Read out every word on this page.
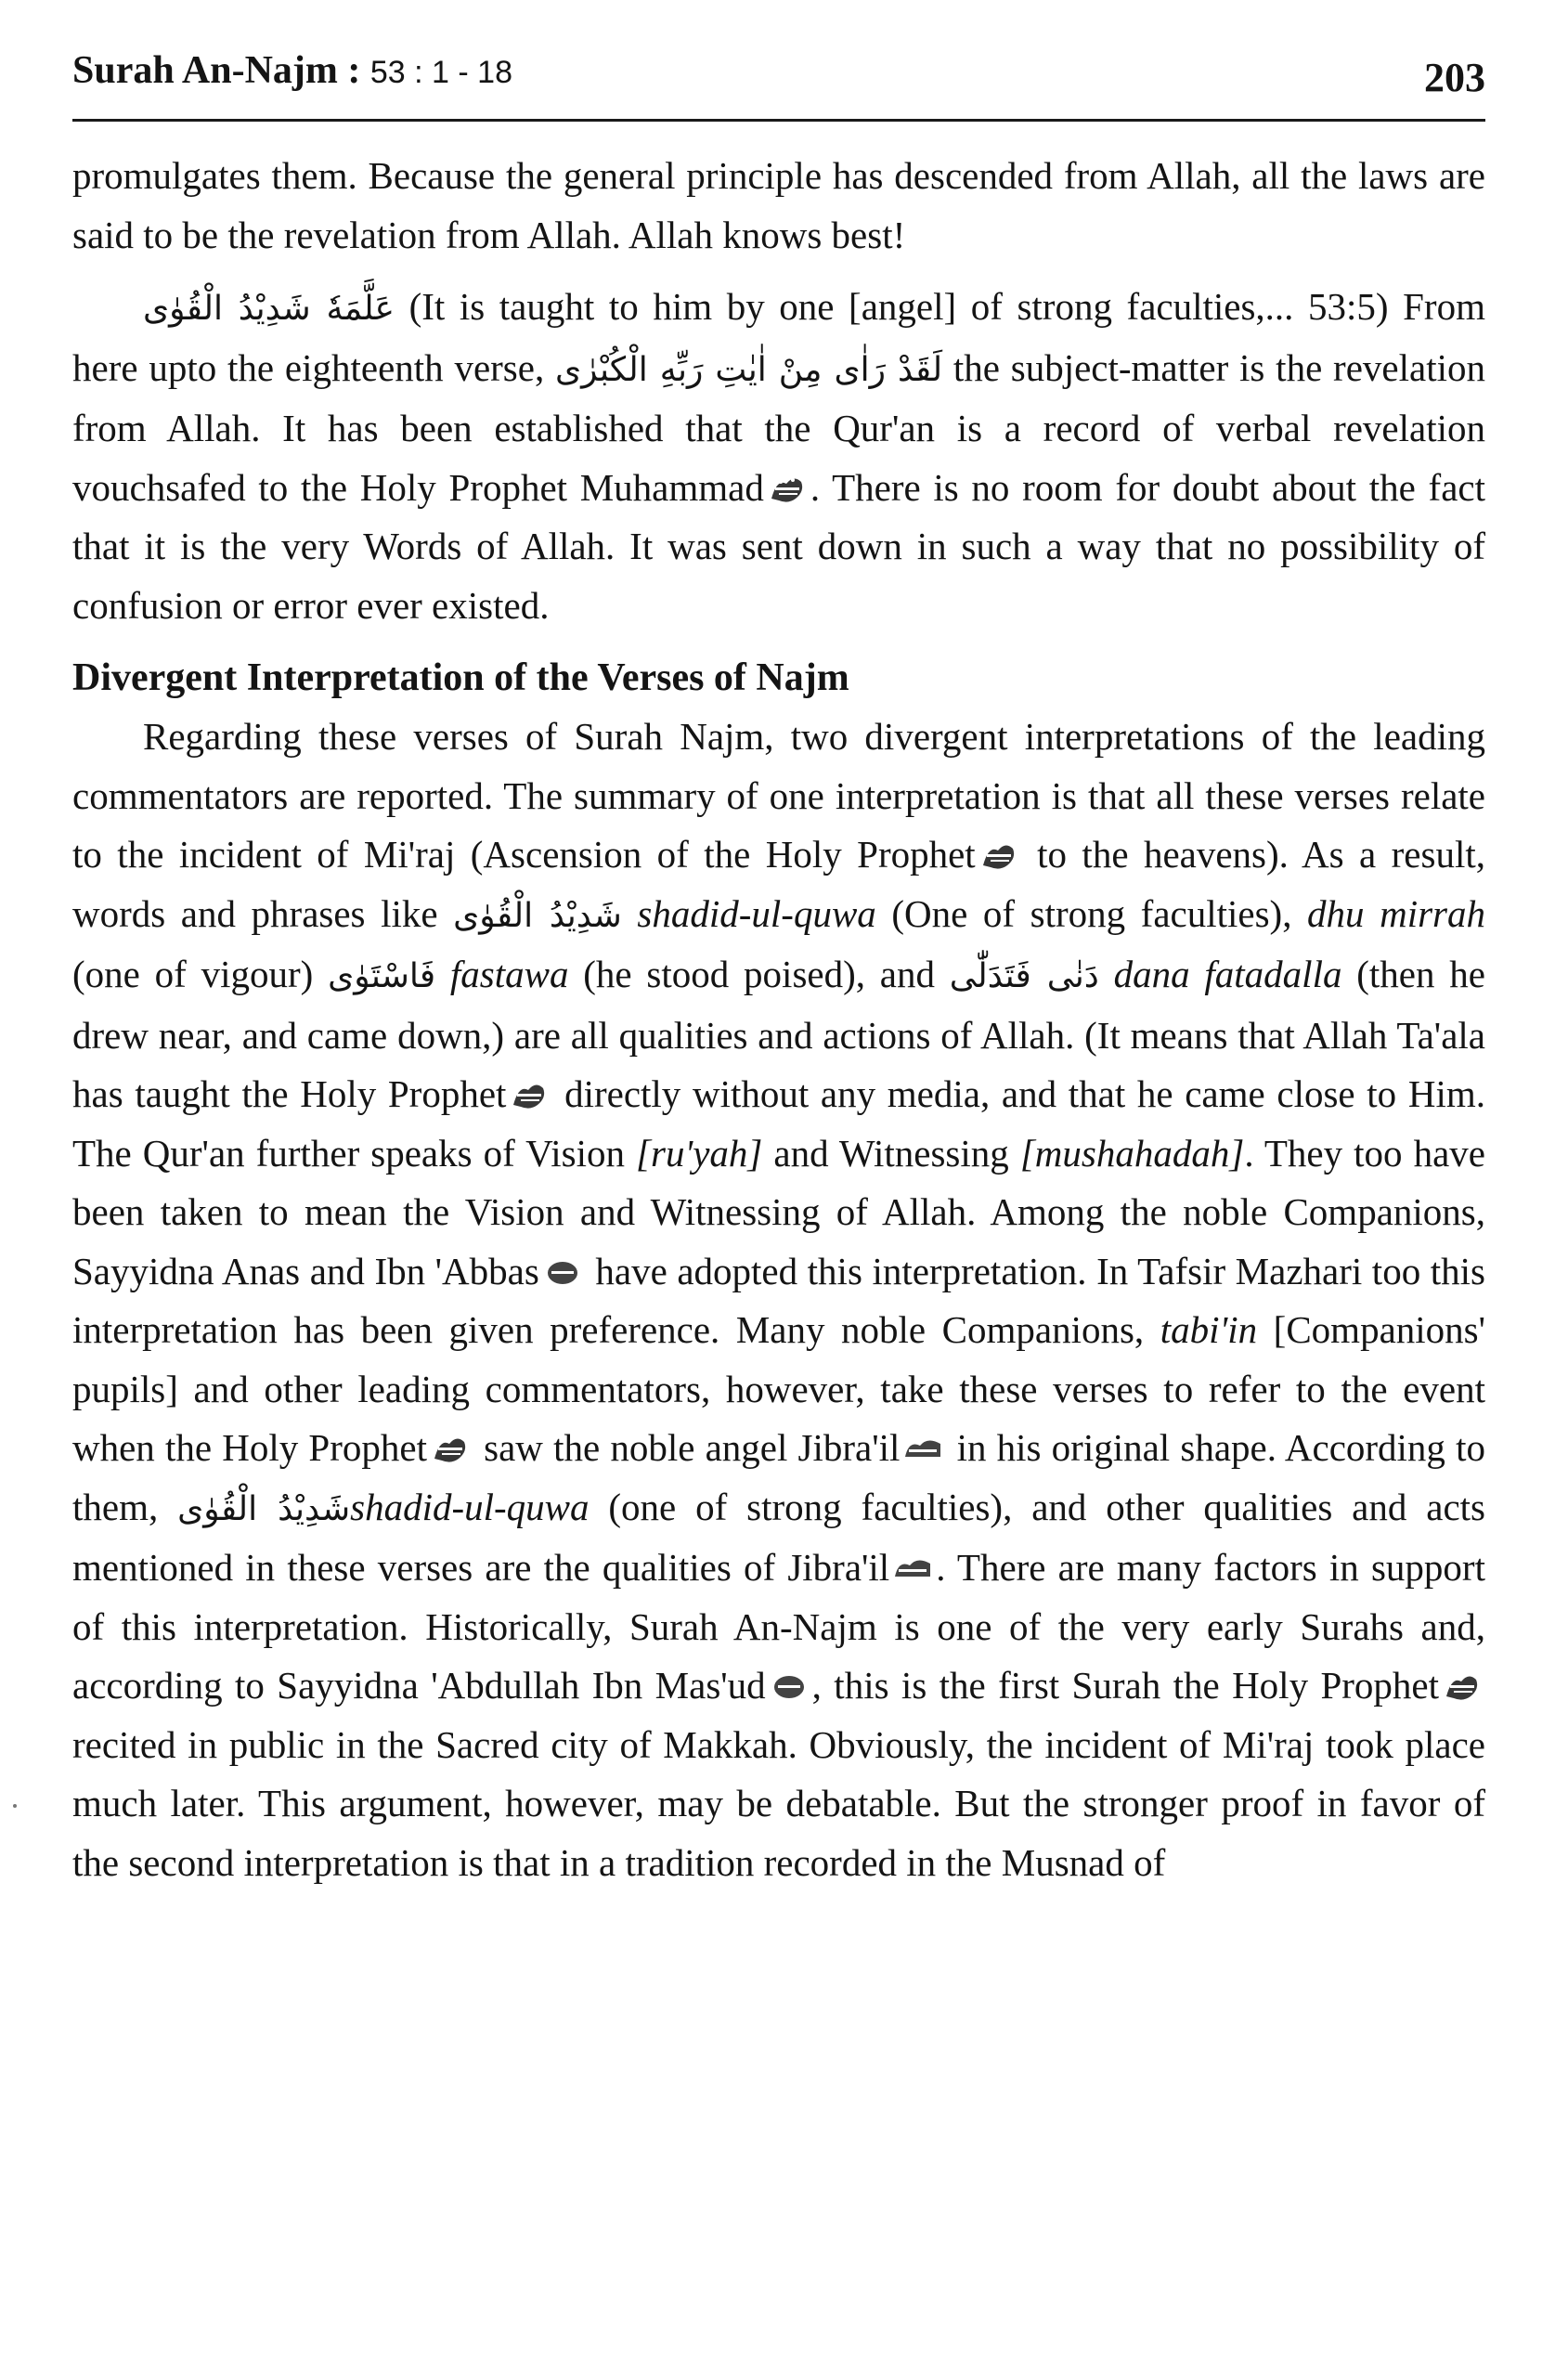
Surah An-Najm : 53 : 1 - 18	203

promulgates them. Because the general principle has descended from Allah, all the laws are said to be the revelation from Allah. Allah knows best!

عَلَّمَهٗ شَدِيْدُ الْقُوٰى (It is taught to him by one [angel] of strong faculties,... 53:5) From here upto the eighteenth verse, لَقَدْ رَاٰى مِنْ اٰيٰتِ رَبِّهِ الْكُبْرٰى the subject-matter is the revelation from Allah. It has been established that the Qur'an is a record of verbal revelation vouchsafed to the Holy Prophet Muhammad . There is no room for doubt about the fact that it is the very Words of Allah. It was sent down in such a way that no possibility of confusion or error ever existed.

Divergent Interpretation of the Verses of Najm

Regarding these verses of Surah Najm, two divergent interpretations of the leading commentators are reported. The summary of one interpretation is that all these verses relate to the incident of Mi'raj (Ascension of the Holy Prophet
to the heavens). As a result, words and phrases like شَدِيْدُ الْقُوٰى shadid-ul-quwa (One of strong faculties), dhu mirrah (one of vigour) فَاسْتَوٰى fastawa (he stood poised), and دَنٰى فَتَدَلّٰى dana fatadalla (then he drew near, and came down,) are all qualities and actions of Allah. (It means that Allah Ta'ala has taught the Holy Prophet
directly without any media, and that he came close to Him. The Qur'an further speaks of Vision [ru'yah] and Witnessing [mushahadah]. They too have been taken to mean the Vision and Witnessing of Allah. Among the noble Companions, Sayyidna Anas and Ibn 'Abbas
have adopted this interpretation. In Tafsir Mazhari too this interpretation has been given preference. Many noble Companions, tabi'in [Companions' pupils] and other leading commentators, however, take these verses to refer to the event when the Holy Prophet
saw the noble angel Jibra'il
in his original shape. According to them, شَدِيْدُ الْقُوٰىshadid-ul-quwa (one of strong faculties), and other qualities and acts mentioned in these verses are the qualities of Jibra'il . There are many factors in support of this interpretation. Historically, Surah An-Najm is one of the very early Surahs and, according to Sayyidna 'Abdullah Ibn Mas'ud , this is the first Surah the Holy Prophet
recited in public in the Sacred city of Makkah. Obviously, the incident of Mi'raj took place much later. This argument, however, may be debatable. But the stronger proof in favor of the second interpretation is that in a tradition recorded in the Musnad of
